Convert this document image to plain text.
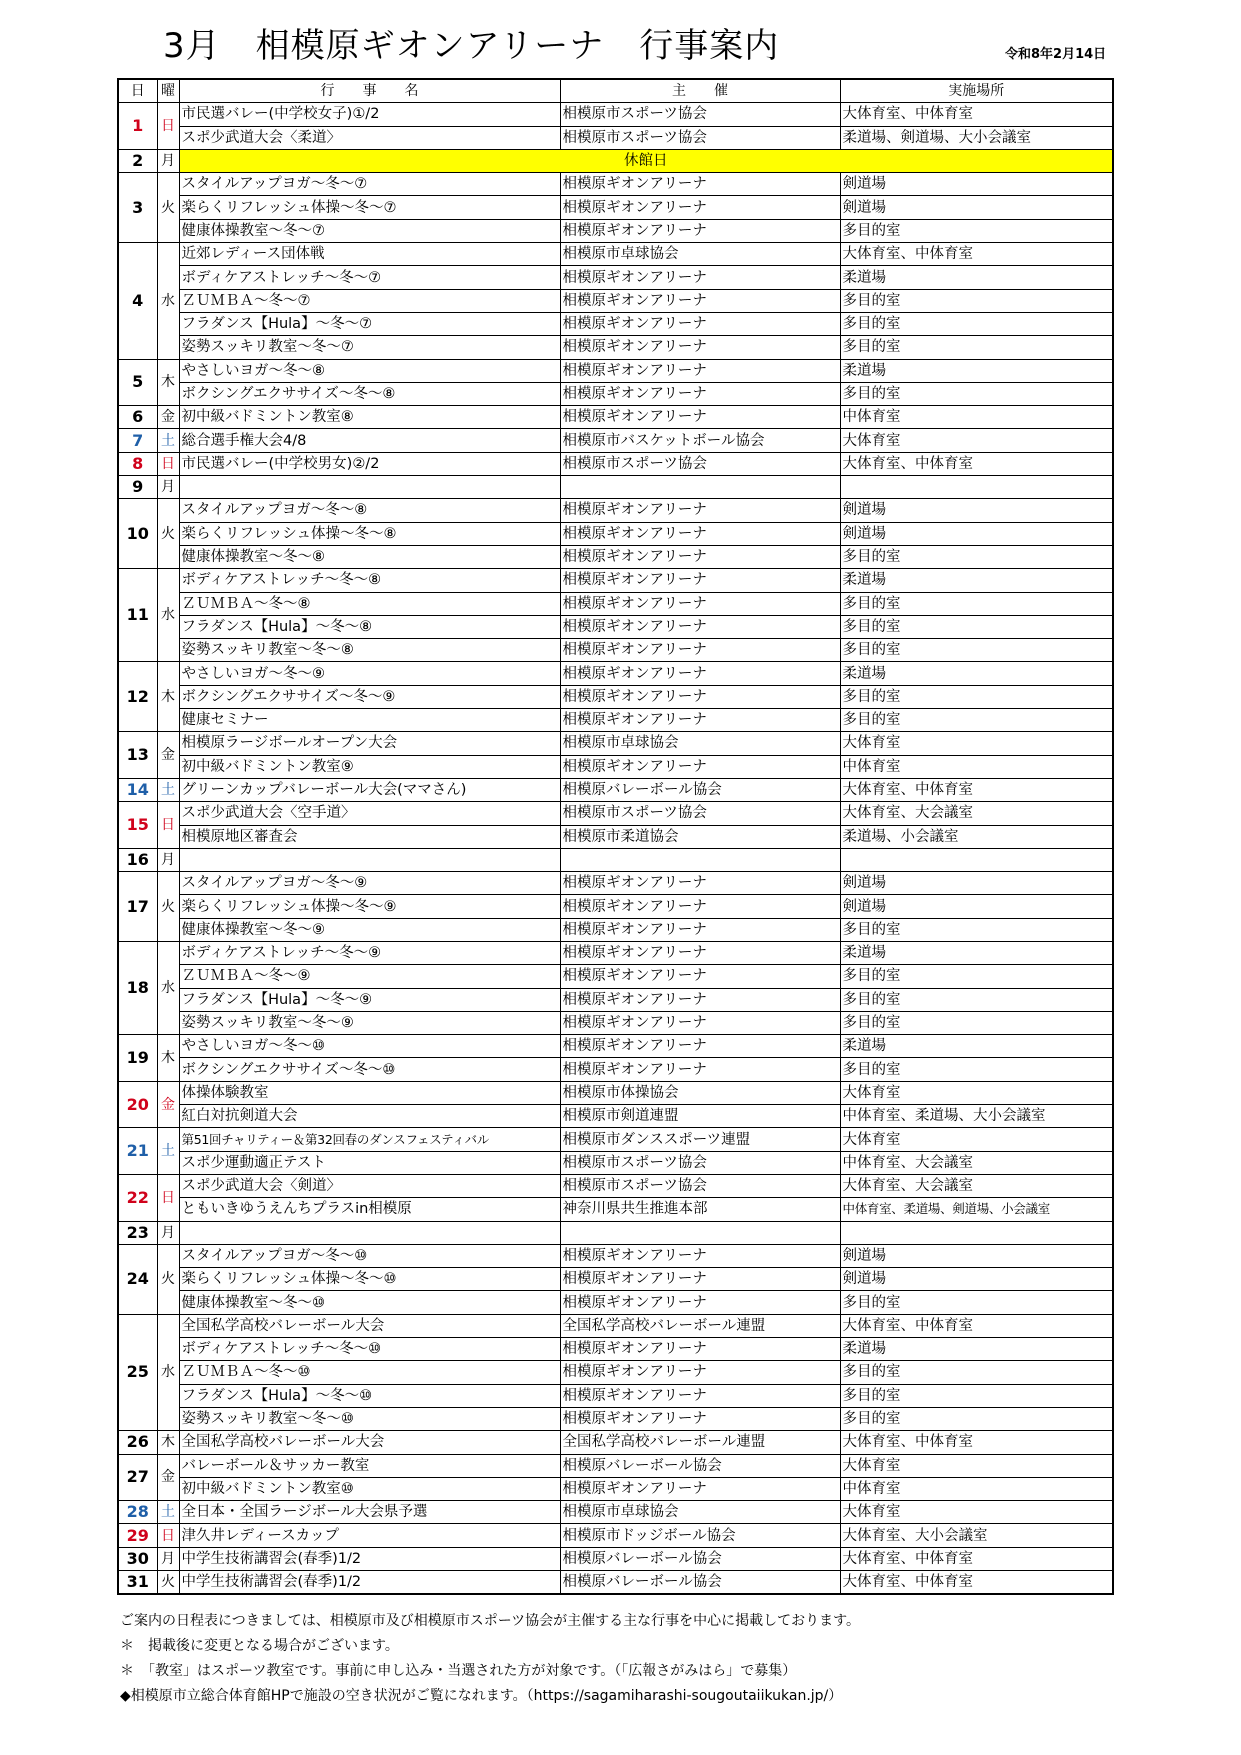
3月　相模原ギオンアリーナ　行事案内	令和8年2月14日
日	曜	行　　事　　名	主　　催	実施場所
1	日	市民選バレー(中学校女子)①/2	相模原市スポーツ協会	大体育室、中体育室
		スポ少武道大会〈柔道〉	相模原市スポーツ協会	柔道場、剣道場、大小会議室
2	月	休館日		
3	火	スタイルアップヨガ～冬～⑦	相模原ギオンアリーナ	剣道場
		楽らくリフレッシュ体操～冬～⑦	相模原ギオンアリーナ	剣道場
		健康体操教室～冬～⑦	相模原ギオンアリーナ	多目的室
4	水	近郊レディース団体戦	相模原市卓球協会	大体育室、中体育室
		ボディケアストレッチ～冬～⑦	相模原ギオンアリーナ	柔道場
		ＺＵＭＢＡ～冬～⑦	相模原ギオンアリーナ	多目的室
		フラダンス【Hula】～冬～⑦	相模原ギオンアリーナ	多目的室
		姿勢スッキリ教室～冬～⑦	相模原ギオンアリーナ	多目的室
5	木	やさしいヨガ～冬～⑧	相模原ギオンアリーナ	柔道場
		ボクシングエクササイズ～冬～⑧	相模原ギオンアリーナ	多目的室
6	金	初中級バドミントン教室⑧	相模原ギオンアリーナ	中体育室
7	土	総合選手権大会4/8	相模原市バスケットボール協会	大体育室
8	日	市民選バレー(中学校男女)②/2	相模原市スポーツ協会	大体育室、中体育室
9	月			
10	火	スタイルアップヨガ～冬～⑧	相模原ギオンアリーナ	剣道場
		楽らくリフレッシュ体操～冬～⑧	相模原ギオンアリーナ	剣道場
		健康体操教室～冬～⑧	相模原ギオンアリーナ	多目的室
11	水	ボディケアストレッチ～冬～⑧	相模原ギオンアリーナ	柔道場
		ＺＵＭＢＡ～冬～⑧	相模原ギオンアリーナ	多目的室
		フラダンス【Hula】～冬～⑧	相模原ギオンアリーナ	多目的室
		姿勢スッキリ教室～冬～⑧	相模原ギオンアリーナ	多目的室
12	木	やさしいヨガ～冬～⑨	相模原ギオンアリーナ	柔道場
		ボクシングエクササイズ～冬～⑨	相模原ギオンアリーナ	多目的室
		健康セミナー	相模原ギオンアリーナ	多目的室
13	金	相模原ラージボールオープン大会	相模原市卓球協会	大体育室
		初中級バドミントン教室⑨	相模原ギオンアリーナ	中体育室
14	土	グリーンカップバレーボール大会(ママさん)	相模原バレーボール協会	大体育室、中体育室
15	日	スポ少武道大会〈空手道〉	相模原市スポーツ協会	大体育室、大会議室
		相模原地区審査会	相模原市柔道協会	柔道場、小会議室
16	月			
17	火	スタイルアップヨガ～冬～⑨	相模原ギオンアリーナ	剣道場
		楽らくリフレッシュ体操～冬～⑨	相模原ギオンアリーナ	剣道場
		健康体操教室～冬～⑨	相模原ギオンアリーナ	多目的室
18	水	ボディケアストレッチ～冬～⑨	相模原ギオンアリーナ	柔道場
		ＺＵＭＢＡ～冬～⑨	相模原ギオンアリーナ	多目的室
		フラダンス【Hula】～冬～⑨	相模原ギオンアリーナ	多目的室
		姿勢スッキリ教室～冬～⑨	相模原ギオンアリーナ	多目的室
19	木	やさしいヨガ～冬～⑩	相模原ギオンアリーナ	柔道場
		ボクシングエクササイズ～冬～⑩	相模原ギオンアリーナ	多目的室
20	金	体操体験教室	相模原市体操協会	大体育室
		紅白対抗剣道大会	相模原市剣道連盟	中体育室、柔道場、大小会議室
21	土	第51回チャリティー＆第32回春のダンスフェスティバル	相模原市ダンススポーツ連盟	大体育室
		スポ少運動適正テスト	相模原市スポーツ協会	中体育室、大会議室
22	日	スポ少武道大会〈剣道〉	相模原市スポーツ協会	大体育室、大会議室
		ともいきゆうえんちプラスin相模原	神奈川県共生推進本部	中体育室、柔道場、剣道場、小会議室
23	月			
24	火	スタイルアップヨガ～冬～⑩	相模原ギオンアリーナ	剣道場
		楽らくリフレッシュ体操～冬～⑩	相模原ギオンアリーナ	剣道場
		健康体操教室～冬～⑩	相模原ギオンアリーナ	多目的室
25	水	全国私学高校バレーボール大会	全国私学高校バレーボール連盟	大体育室、中体育室
		ボディケアストレッチ～冬～⑩	相模原ギオンアリーナ	柔道場
		ＺＵＭＢＡ～冬～⑩	相模原ギオンアリーナ	多目的室
		フラダンス【Hula】～冬～⑩	相模原ギオンアリーナ	多目的室
		姿勢スッキリ教室～冬～⑩	相模原ギオンアリーナ	多目的室
26	木	全国私学高校バレーボール大会	全国私学高校バレーボール連盟	大体育室、中体育室
27	金	バレーボール＆サッカー教室	相模原バレーボール協会	大体育室
		初中級バドミントン教室⑩	相模原ギオンアリーナ	中体育室
28	土	全日本・全国ラージボール大会県予選	相模原市卓球協会	大体育室
29	日	津久井レディースカップ	相模原市ドッジボール協会	大体育室、大小会議室
30	月	中学生技術講習会(春季)1/2	相模原バレーボール協会	大体育室、中体育室
31	火	中学生技術講習会(春季)1/2	相模原バレーボール協会	大体育室、中体育室
ご案内の日程表につきましては、相模原市及び相模原市スポーツ協会が主催する主な行事を中心に掲載しております。
＊　掲載後に変更となる場合がございます。
＊　「教室」はスポーツ教室です。事前に申し込み・当選された方が対象です。（「広報さがみはら」で募集）
◆相模原市立総合体育館HPで施設の空き状況がご覧になれます。（https://sagamiharashi-sougoutaiikukan.jp/）
